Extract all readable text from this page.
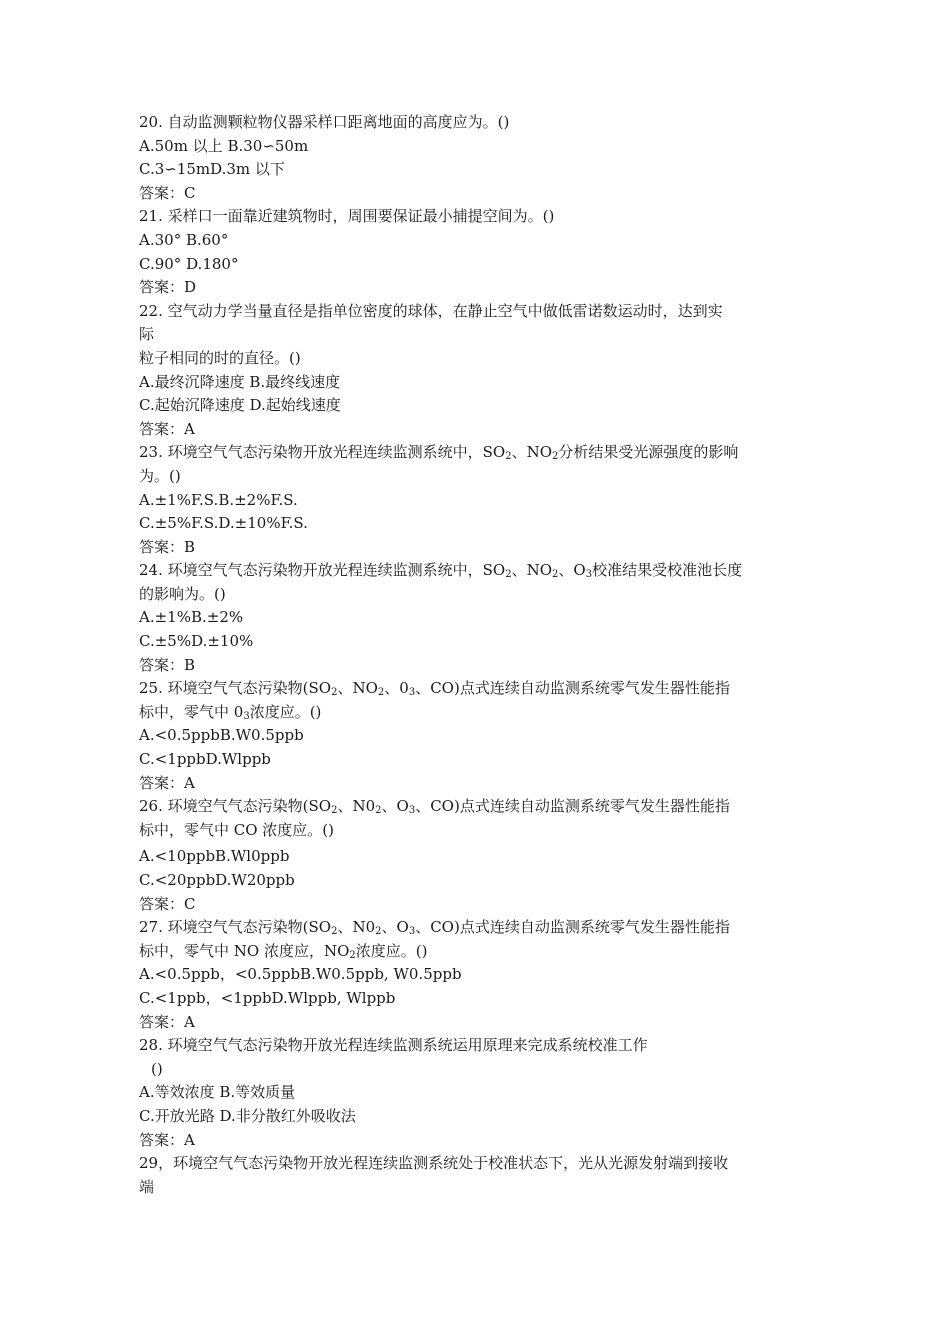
20. 自动监测颗粒物仪器采样口距离地面的高度应为。()
A.50m 以上 B.30∽50m
C.3∽15mD.3m 以下
答案：C
21. 采样口一面靠近建筑物时，周围要保证最小捕提空间为。()
A.30° B.60°
C.90° D.180°
答案：D
22. 空气动力学当量直径是指单位密度的球体，在静止空气中做低雷诺数运动时，达到实
际
粒子相同的时的直径。()
A.最终沉降速度 B.最终线速度
C.起始沉降速度 D.起始线速度
答案：A
23. 环境空气气态污染物开放光程连续监测系统中，$SO_2$、$NO_2$分析结果受光源强度的影响
为。()
A.±1%F.S.B.±2%F.S.
C.±5%F.S.D.±10%F.S.
答案：B
24. 环境空气气态污染物开放光程连续监测系统中，$SO_2$、$NO_2$、$O_3$校准结果受校准池长度
的影响为。()
A.±1%B.±2%
C.±5%D.±10%
答案：B
25. 环境空气气态污染物($SO_2$、$NO_2$、$0_3$、CO)点式连续自动监测系统零气发生器性能指
标中，零气中 $0_3$浓度应。()
A.<0.5ppbB.W0.5ppb
C.<1ppbD.Wlppb
答案：A
26. 环境空气气态污染物($SO_2$、$N0_2$、$O_3$、CO)点式连续自动监测系统零气发生器性能指
标中，零气中 CO 浓度应。()
A.<10ppbB.Wl0ppb
C.<20ppbD.W20ppb
答案：C
27. 环境空气气态污染物($SO_2$、$N0_2$、$O_3$、CO)点式连续自动监测系统零气发生器性能指
标中，零气中 NO 浓度应，$NO_2$浓度应。()
A.<0.5ppb，<0.5ppbB.W0.5ppb, W0.5ppb
C.<1ppb，<1ppbD.Wlppb, Wlppb
答案：A
28. 环境空气气态污染物开放光程连续监测系统运用原理来完成系统校准工作
()
A.等效浓度 B.等效质量
C.开放光路 D.非分散红外吸收法
答案：A
29，环境空气气态污染物开放光程连续监测系统处于校准状态下，光从光源发射端到接收
端
